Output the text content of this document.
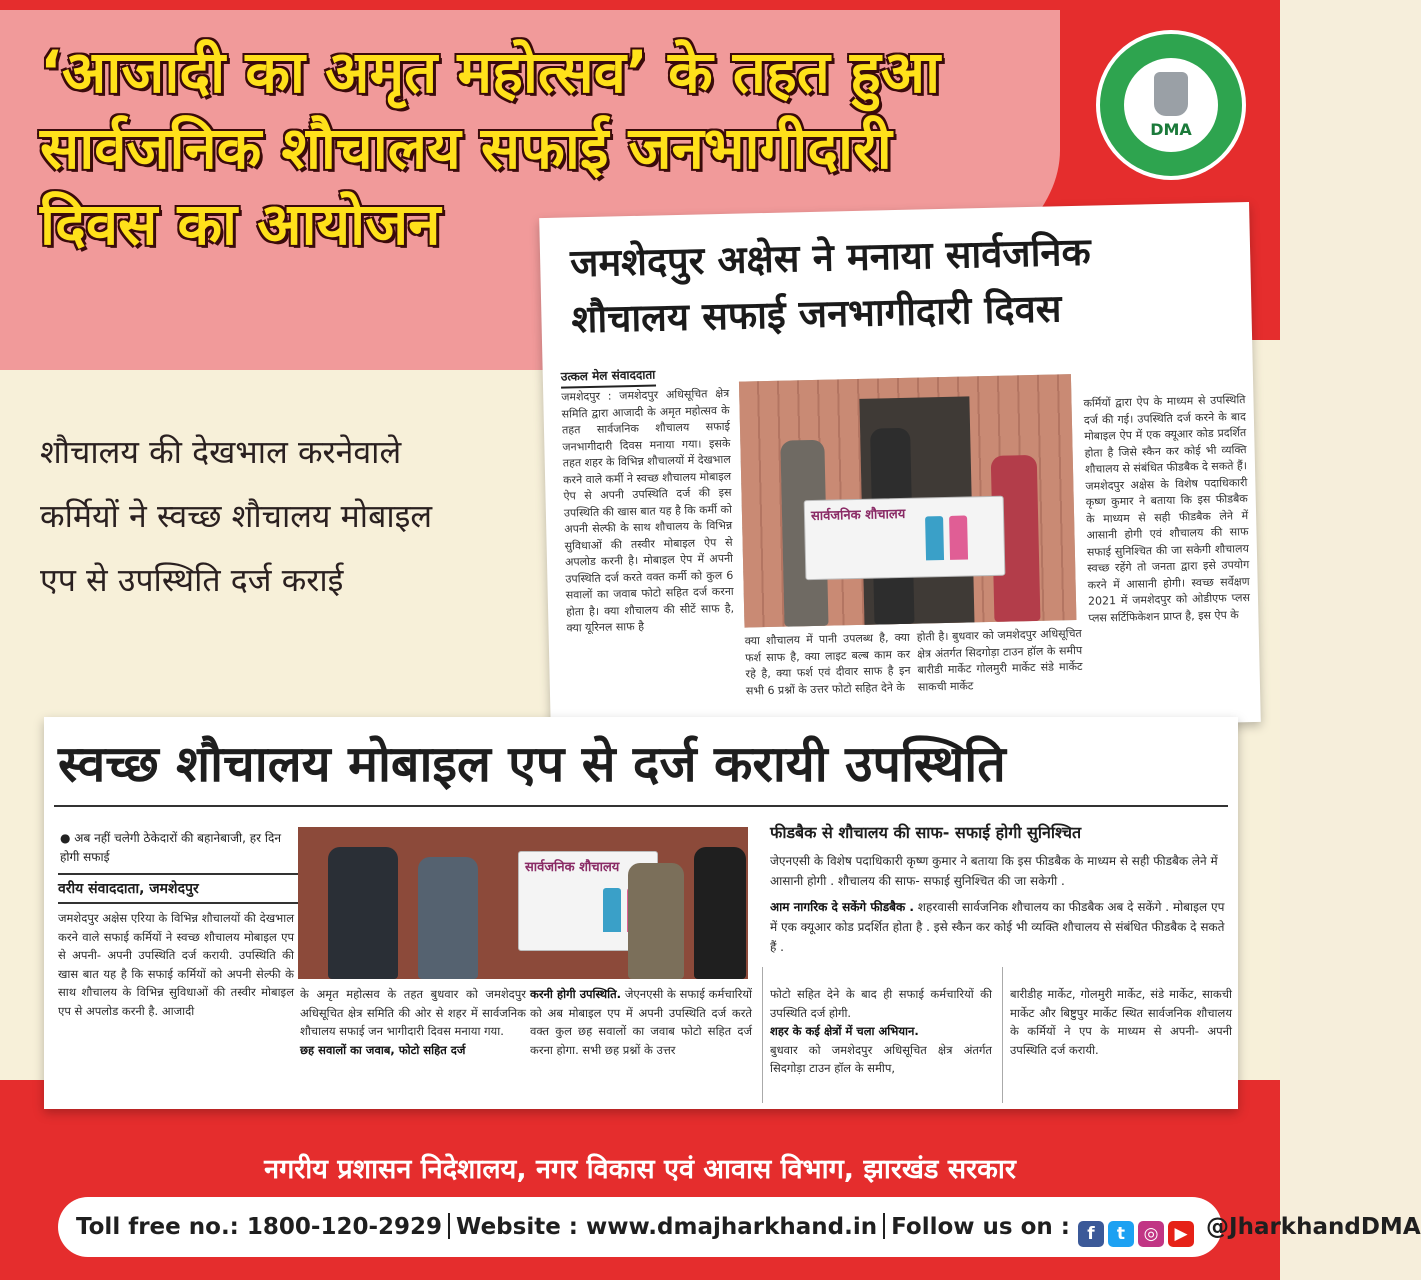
‘आजादी का अमृत महोत्सव’ के तहत हुआ
सार्वजनिक शौचालय सफाई जनभागीदारी
दिवस का आयोजन
DMA
शौचालय की देखभाल करनेवाले
कर्मियों ने स्वच्छ शौचालय मोबाइल
एप से उपस्थिति दर्ज कराई
जमशेदपुर अक्षेस ने मनाया सार्वजनिक
शौचालय सफाई जनभागीदारी दिवस
उत्कल मेल संवाददाता
जमशेदपुर : जमशेदपुर अधिसूचित क्षेत्र समिति द्वारा आजादी के अमृत महोत्सव के तहत सार्वजनिक शौचालय सफाई जनभागीदारी दिवस मनाया गया। इसके तहत शहर के विभिन्न शौचालयों में देखभाल करने वाले कर्मी ने स्वच्छ शौचालय मोबाइल ऐप से अपनी उपस्थिति दर्ज की इस उपस्थिति की खास बात यह है कि कर्मी को अपनी सेल्फी के साथ शौचालय के विभिन्न सुविधाओं की तस्वीर मोबाइल ऐप से अपलोड करनी है। मोबाइल ऐप में अपनी उपस्थिति दर्ज करते वक्त कर्मी को कुल 6 सवालों का जवाब फोटो सहित दर्ज करना होता है। क्या शौचालय की सीटें साफ है, क्या यूरिनल साफ है
सार्वजनिक शौचालय
क्या शौचालय में पानी उपलब्ध है, क्या फर्श साफ है, क्या लाइट बल्ब काम कर रहे है, क्या फर्श एवं दीवार साफ है इन सभी 6 प्रश्नों के उत्तर फोटो सहित देने के
होती है। बुधवार को जमशेदपुर अधिसूचित क्षेत्र अंतर्गत सिदगोड़ा टाउन हॉल के समीप बारीडी मार्केट गोलमुरी मार्केट संडे मार्केट साकची मार्केट
कर्मियों द्वारा ऐप के माध्यम से उपस्थिति दर्ज की गई। उपस्थिति दर्ज करने के बाद मोबाइल ऐप में एक क्यूआर कोड प्रदर्शित होता है जिसे स्कैन कर कोई भी व्यक्ति शौचालय से संबंधित फीडबैक दे सकते हैं। जमशेदपुर अक्षेस के विशेष पदाधिकारी कृष्ण कुमार ने बताया कि इस फीडबैक के माध्यम से सही फीडबैक लेने में आसानी होगी एवं शौचालय की साफ सफाई सुनिश्चित की जा सकेगी शौचालय स्वच्छ रहेंगे तो जनता द्वारा इसे उपयोग करने में आसानी होगी। स्वच्छ सर्वेक्षण 2021 में जमशेदपुर को ओडीएफ प्लस प्लस सर्टिफिकेशन प्राप्त है, इस ऐप के
स्वच्छ शौचालय मोबाइल एप से दर्ज करायी उपस्थिति
● अब नहीं चलेगी ठेकेदारों की बहानेबाजी, हर दिन होगी सफाई
वरीय संवाददाता, जमशेदपुर
जमशेदपुर अक्षेस एरिया के विभिन्न शौचालयों की देखभाल करने वाले सफाई कर्मियों ने स्वच्छ शौचालय मोबाइल एप से अपनी- अपनी उपस्थिति दर्ज करायी. उपस्थिति की खास बात यह है कि सफाई कर्मियों को अपनी सेल्फी के साथ शौचालय के विभिन्न सुविधाओं की तस्वीर मोबाइल एप से अपलोड करनी है. आजादी
सार्वजनिक शौचालय
फीडबैक से शौचालय की साफ- सफाई होगी सुनिश्चित
जेएनएसी के विशेष पदाधिकारी कृष्ण कुमार ने बताया कि इस फीडबैक के माध्यम से सही फीडबैक लेने में आसानी होगी . शौचालय की साफ- सफाई सुनिश्चित की जा सकेगी .
आम नागरिक दे सकेंगे फीडबैक . शहरवासी सार्वजनिक शौचालय का फीडबैक अब दे सकेंगे . मोबाइल एप में एक क्यूआर कोड प्रदर्शित होता है . इसे स्कैन कर कोई भी व्यक्ति शौचालय से संबंधित फीडबैक दे सकते हैं .
के अमृत महोत्सव के तहत बुधवार को जमशेदपुर अधिसूचित क्षेत्र समिति की ओर से शहर में सार्वजनिक शौचालय सफाई जन भागीदारी दिवस मनाया गया.
छह सवालों का जवाब, फोटो सहित दर्ज
करनी होगी उपस्थिति. जेएनएसी के सफाई कर्मचारियों को अब मोबाइल एप में अपनी उपस्थिति दर्ज करते वक्त कुल छह सवालों का जवाब फोटो सहित दर्ज करना होगा. सभी छह प्रश्नों के उत्तर
फोटो सहित देने के बाद ही सफाई कर्मचारियों की उपस्थिति दर्ज होगी.
शहर के कई क्षेत्रों में चला अभियान.
बुधवार को जमशेदपुर अधिसूचित क्षेत्र अंतर्गत सिदगोड़ा टाउन हॉल के समीप,
बारीडीह मार्केट, गोलमुरी मार्केट, संडे मार्केट, साकची मार्केट और बिष्टुपुर मार्केट स्थित सार्वजनिक शौचालय के कर्मियों ने एप के माध्यम से अपनी- अपनी उपस्थिति दर्ज करायी.
नगरीय प्रशासन निदेशालय, नगर विकास एवं आवास विभाग, झारखंड सरकार
Toll free no.: 1800-120-2929 Website : www.dmajharkhand.in Follow us on : f t ◎ ▶ @JharkhandDMA
